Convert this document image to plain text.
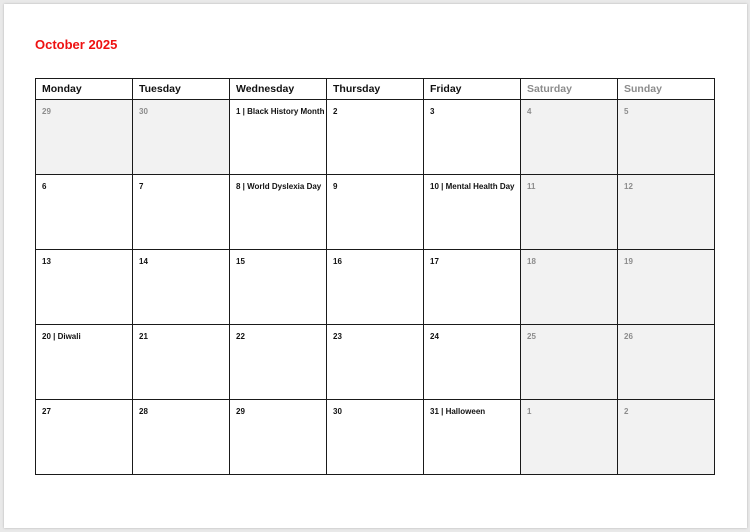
October 2025
Monday	Tuesday	Wednesday	Thursday	Friday	Saturday	Sunday

29	30	1 | Black History Month	2	3	4	5

6	7	8 | World Dyslexia Day	9	10 | Mental Health Day	11	12

13	14	15	16	17	18	19

20 | Diwali	21	22	23	24	25	26

27	28	29	30	31 | Halloween	1	2
